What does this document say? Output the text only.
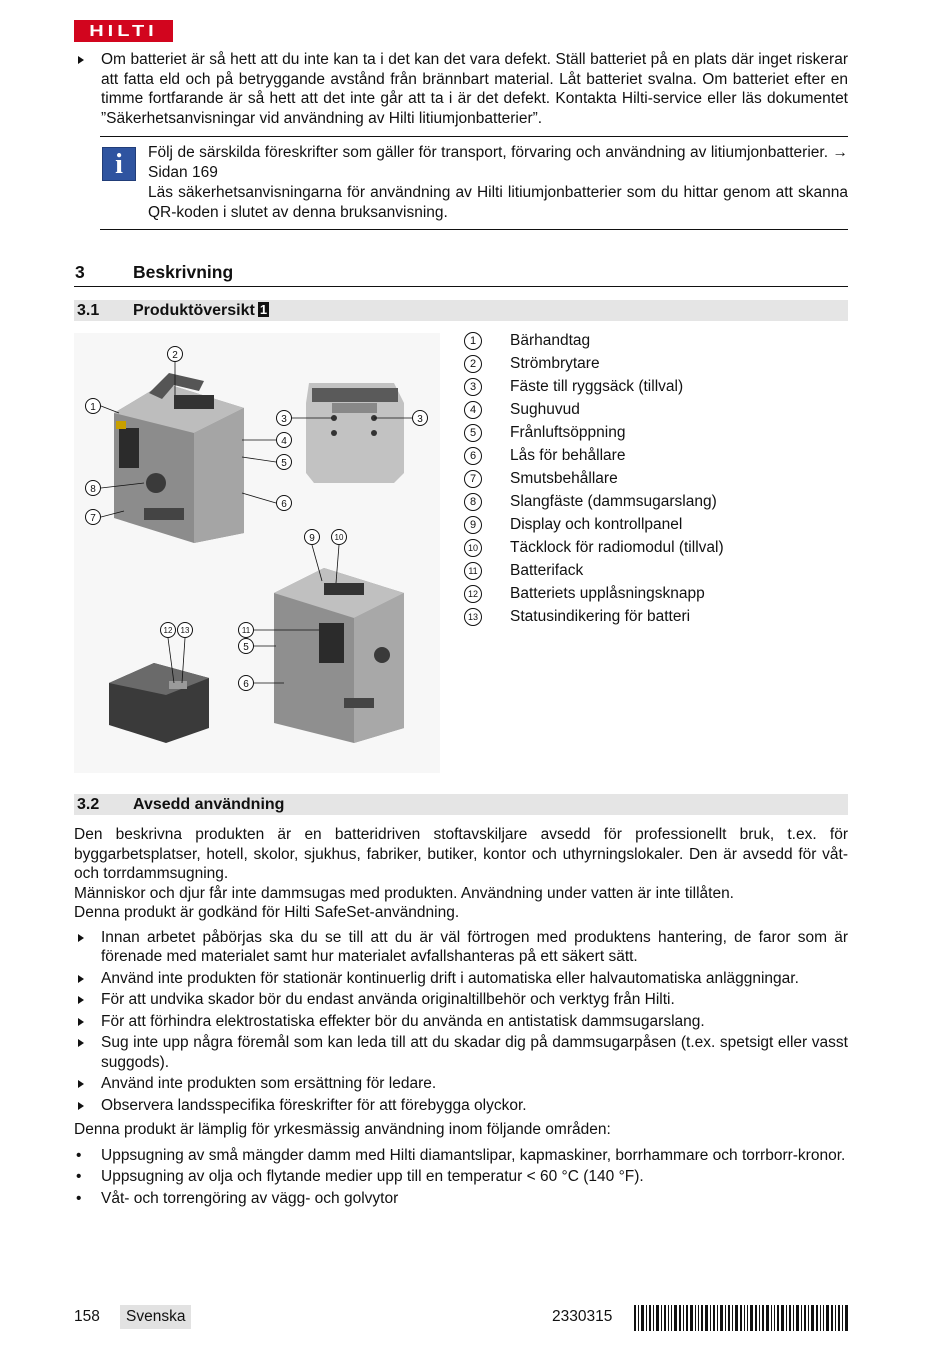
HILTI
Om batteriet är så hett att du inte kan ta i det kan det vara defekt. Ställ batteriet på en plats där inget riskerar att fatta eld och på betryggande avstånd från brännbart material. Låt batteriet svalna. Om batteriet efter en timme fortfarande är så hett att det inte går att ta i är det defekt. Kontakta Hilti-service eller läs dokumentet ”Säkerhetsanvisningar vid användning av Hilti litiumjonbatterier”.
i	Följ de särskilda föreskrifter som gäller för transport, förvaring och användning av litiumjonbatterier. → Sidan 169

Läs säkerhetsanvisningarna för användning av Hilti litiumjonbatterier som du hittar genom att skanna QR-koden i slutet av denna bruksanvisning.

3	Beskrivning
3.1 Produktöversikt 1
2
1
3	3
4
5
6
7
8
9 10
11
5
6
12 13
1	Bärhandtag
2	Strömbrytare
3	Fäste till ryggsäck (tillval)
4	Sughuvud
5	Frånluftsöppning
6	Lås för behållare
7	Smutsbehållare
8	Slangfäste (dammsugarslang)
9	Display och kontrollpanel
10 Täcklock för radiomodul (tillval)
11 Batterifack
12 Batteriets upplåsningsknapp
13 Statusindikering för batteri
3.2 Avsedd användning

Den beskrivna produkten är en batteridriven stoftavskiljare avsedd för professionellt bruk, t.ex. för byggarbetsplatser, hotell, skolor, sjukhus, fabriker, butiker, kontor och uthyrningslokaler. Den är avsedd för våt- och torrdammsugning.

Människor och djur får inte dammsugas med produkten. Användning under vatten är inte tillåten.

Denna produkt är godkänd för Hilti SafeSet-användning.

Innan arbetet påbörjas ska du se till att du är väl förtrogen med produktens hantering, de faror som är förenade med materialet samt hur materialet avfallshanteras på ett säkert sätt.
Använd inte produkten för stationär kontinuerlig drift i automatiska eller halvautomatiska anläggningar.
För att undvika skador bör du endast använda originaltillbehör och verktyg från Hilti.
För att förhindra elektrostatiska effekter bör du använda en antistatisk dammsugarslang.
Sug inte upp några föremål som kan leda till att du skadar dig på dammsugarpåsen (t.ex. spetsigt eller vasst suggods).
Använd inte produkten som ersättning för ledare.
Observera landsspecifika föreskrifter för att förebygga olyckor.

Denna produkt är lämplig för yrkesmässig användning inom följande områden:

• Uppsugning av små mängder damm med Hilti diamantslipar, kapmaskiner, borrhammare och torrborr-kronor.
• Uppsugning av olja och flytande medier upp till en temperatur < 60 °C (140 °F).
• Våt- och torrengöring av vägg- och golvytor
158	Svenska	2330315
